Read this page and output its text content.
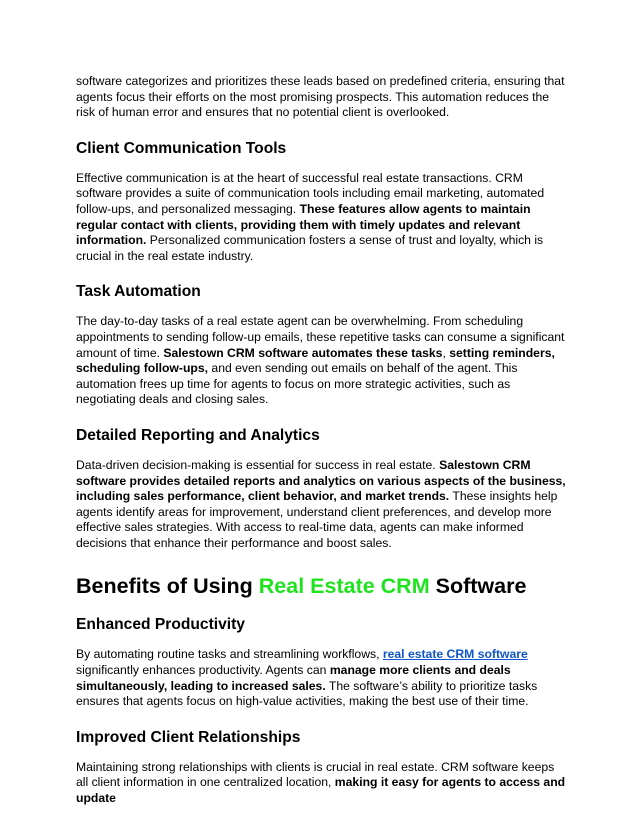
software categorizes and prioritizes these leads based on predefined criteria, ensuring that agents focus their efforts on the most promising prospects. This automation reduces the risk of human error and ensures that no potential client is overlooked.

Client Communication Tools

Effective communication is at the heart of successful real estate transactions. CRM software provides a suite of communication tools including email marketing, automated follow-ups, and personalized messaging. These features allow agents to maintain regular contact with clients, providing them with timely updates and relevant information. Personalized communication fosters a sense of trust and loyalty, which is crucial in the real estate industry.

Task Automation

The day-to-day tasks of a real estate agent can be overwhelming. From scheduling appointments to sending follow-up emails, these repetitive tasks can consume a significant amount of time. Salestown CRM software automates these tasks, setting reminders, scheduling follow-ups, and even sending out emails on behalf of the agent. This automation frees up time for agents to focus on more strategic activities, such as negotiating deals and closing sales.

Detailed Reporting and Analytics

Data-driven decision-making is essential for success in real estate. Salestown CRM software provides detailed reports and analytics on various aspects of the business, including sales performance, client behavior, and market trends. These insights help agents identify areas for improvement, understand client preferences, and develop more effective sales strategies. With access to real-time data, agents can make informed decisions that enhance their performance and boost sales.

Benefits of Using Real Estate CRM Software
Enhanced Productivity

By automating routine tasks and streamlining workflows, real estate CRM software significantly enhances productivity. Agents can manage more clients and deals simultaneously, leading to increased sales. The software’s ability to prioritize tasks ensures that agents focus on high-value activities, making the best use of their time.

Improved Client Relationships

Maintaining strong relationships with clients is crucial in real estate. CRM software keeps all client information in one centralized location, making it easy for agents to access and update
